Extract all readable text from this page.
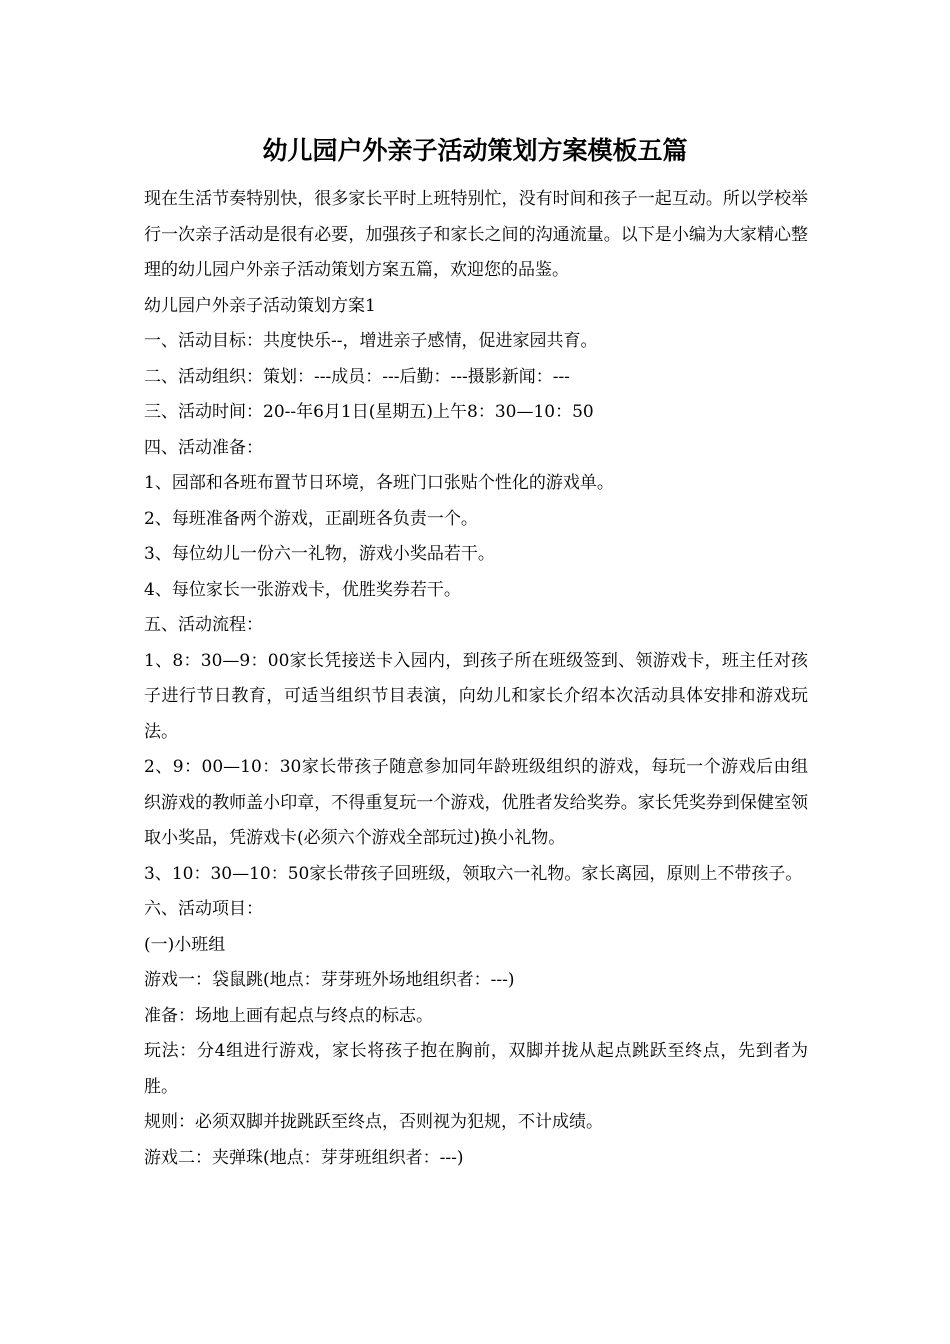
幼儿园户外亲子活动策划方案模板五篇

现在生活节奏特别快，很多家长平时上班特别忙，没有时间和孩子一起互动。所以学校举行一次亲子活动是很有必要，加强孩子和家长之间的沟通流量。以下是小编为大家精心整理的幼儿园户外亲子活动策划方案五篇，欢迎您的品鉴。

幼儿园户外亲子活动策划方案1

一、活动目标：共度快乐--，增进亲子感情，促进家园共育。

二、活动组织：策划：---成员：---后勤：---摄影新闻：---

三、活动时间：20--年6月1日(星期五)上午8：30—10：50

四、活动准备：

1、园部和各班布置节日环境，各班门口张贴个性化的游戏单。

2、每班准备两个游戏，正副班各负责一个。

3、每位幼儿一份六一礼物，游戏小奖品若干。

4、每位家长一张游戏卡，优胜奖券若干。

五、活动流程：

1、8：30—9：00家长凭接送卡入园内，到孩子所在班级签到、领游戏卡，班主任对孩子进行节日教育，可适当组织节目表演，向幼儿和家长介绍本次活动具体安排和游戏玩法。

2、9：00—10：30家长带孩子随意参加同年龄班级组织的游戏，每玩一个游戏后由组织游戏的教师盖小印章，不得重复玩一个游戏，优胜者发给奖券。家长凭奖券到保健室领取小奖品，凭游戏卡(必须六个游戏全部玩过)换小礼物。

3、10：30—10：50家长带孩子回班级，领取六一礼物。家长离园，原则上不带孩子。

六、活动项目：

(一)小班组

游戏一：袋鼠跳(地点：芽芽班外场地组织者：---)

准备：场地上画有起点与终点的标志。

玩法：分4组进行游戏，家长将孩子抱在胸前，双脚并拢从起点跳跃至终点，先到者为胜。

规则：必须双脚并拢跳跃至终点，否则视为犯规，不计成绩。

游戏二：夹弹珠(地点：芽芽班组织者：---)
